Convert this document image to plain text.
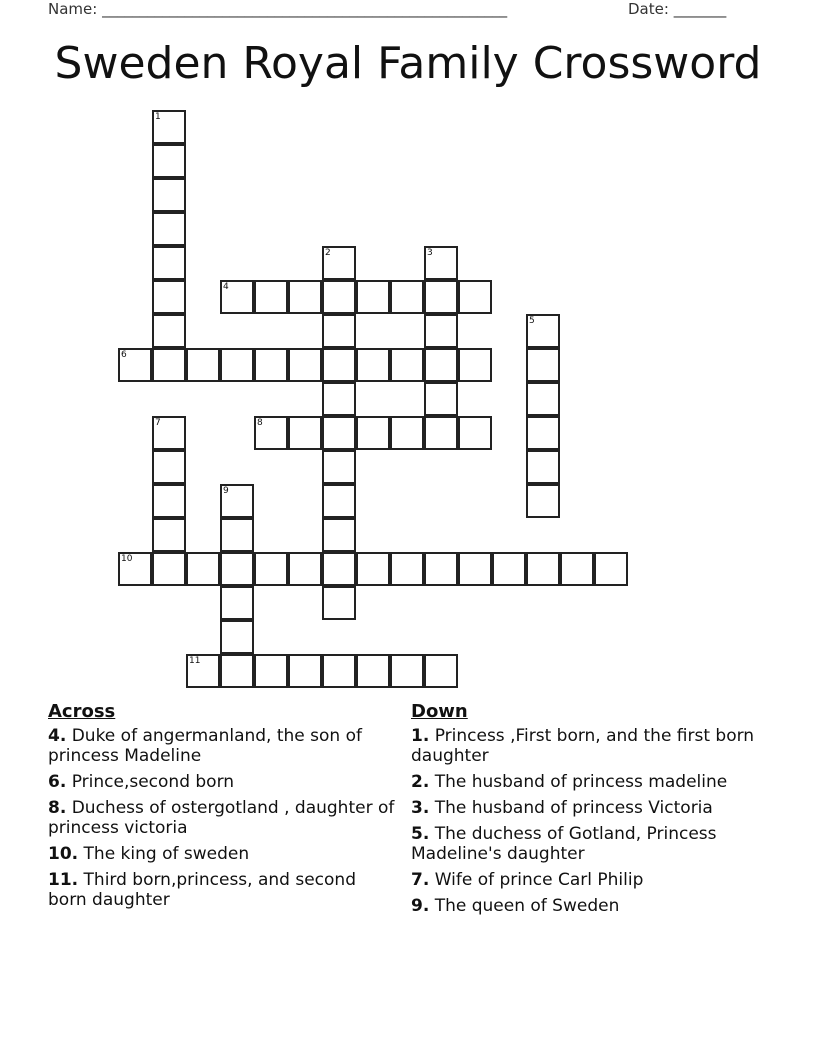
Name: ______________________________________________________	Date: _______
Sweden Royal Family Crossword
1
2	3
4
5
6
7	8
9
10
11
Across
4. Duke of angermanland, the son of princess Madeline
6. Prince,second born
8. Duchess of ostergotland , daughter of princess victoria
10. The king of sweden
11. Third born,princess, and second born daughter
Down
1. Princess ,First born, and the first born daughter
2. The husband of princess madeline
3. The husband of princess Victoria
5. The duchess of Gotland, Princess Madeline's daughter
7. Wife of prince Carl Philip
9. The queen of Sweden
